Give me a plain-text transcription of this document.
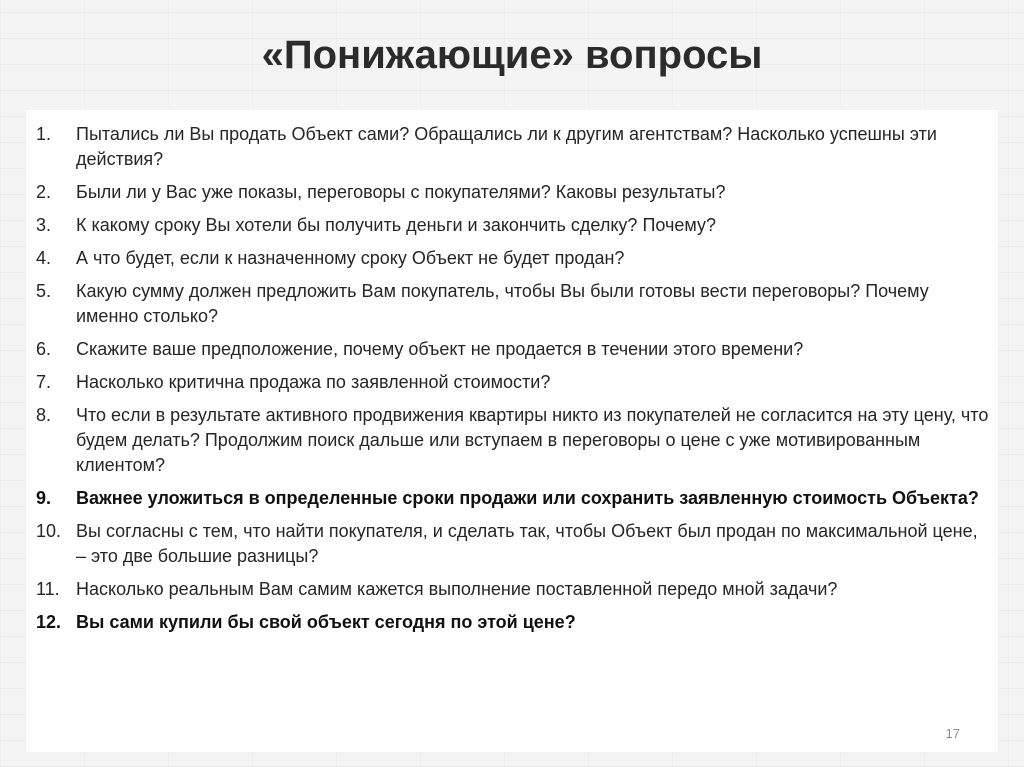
«Понижающие» вопросы
1.	Пытались ли Вы продать Объект сами? Обращались ли к другим агентствам? Насколько успешны эти действия?
2.	Были ли у Вас уже показы, переговоры с покупателями? Каковы результаты?
3.	К какому сроку Вы хотели бы получить деньги и закончить сделку? Почему?
4.	А что будет, если к назначенному сроку Объект не будет продан?
5.	Какую сумму должен предложить Вам покупатель, чтобы Вы были готовы вести переговоры? Почему именно столько?
6.	Скажите ваше предположение, почему объект не продается в течении этого времени?
7.	Насколько критична продажа по заявленной стоимости?
8.	Что если в результате активного продвижения квартиры никто из покупателей не согласится на эту цену, что будем делать? Продолжим поиск дальше или вступаем в переговоры о цене с уже мотивированным клиентом?
9.	Важнее уложиться в определенные сроки продажи или сохранить заявленную стоимость Объекта?
10. Вы согласны с тем, что найти покупателя, и сделать так, чтобы Объект был продан по максимальной цене, – это две большие разницы?
11. Насколько реальным Вам самим кажется выполнение поставленной передо мной задачи?
12. Вы сами купили бы свой объект сегодня по этой цене?
17
